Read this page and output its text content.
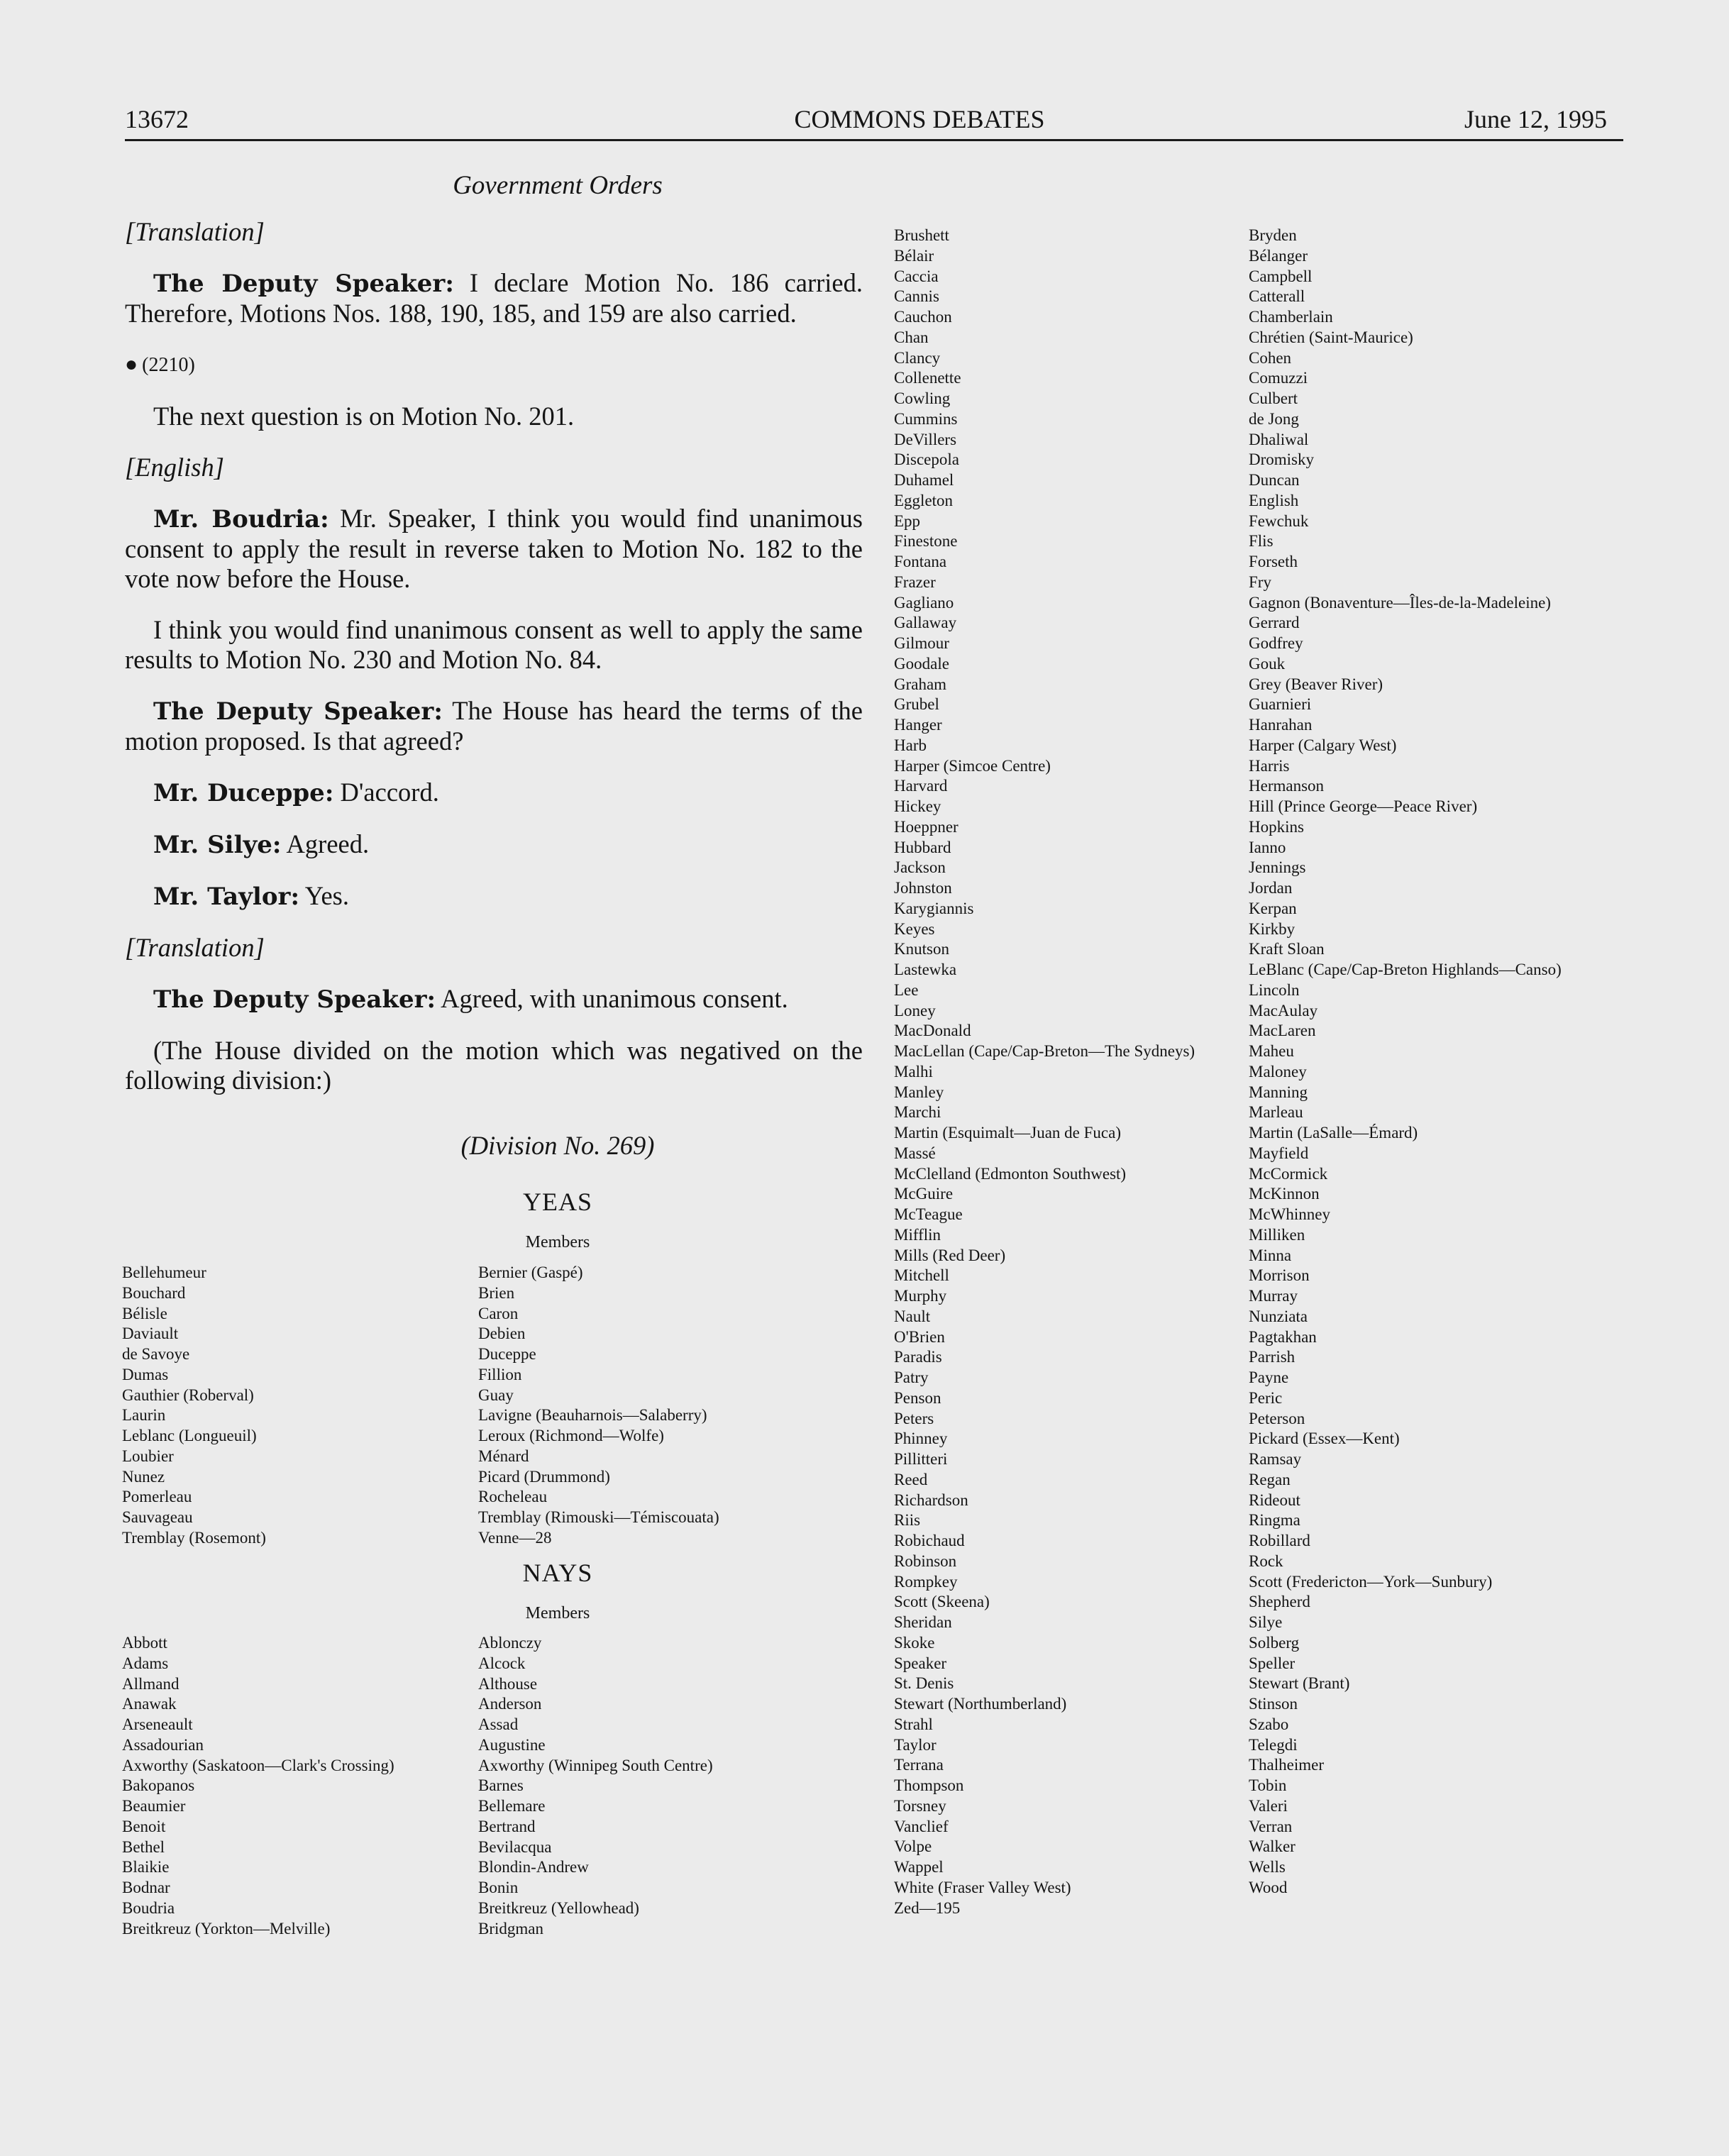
13672	COMMONS DEBATES	June 12, 1995
Government Orders

[Translation]

The Deputy Speaker: I declare Motion No. 186 carried. Therefore, Motions Nos. 188, 190, 185, and 159 are also carried.

● (2210)

The next question is on Motion No. 201.

[English]

Mr. Boudria: Mr. Speaker, I think you would find unanimous consent to apply the result in reverse taken to Motion No. 182 to the vote now before the House.

I think you would find unanimous consent as well to apply the same results to Motion No. 230 and Motion No. 84.

The Deputy Speaker: The House has heard the terms of the motion proposed. Is that agreed?

Mr. Duceppe: D'accord.

Mr. Silye: Agreed.

Mr. Taylor: Yes.

[Translation]

The Deputy Speaker: Agreed, with unanimous consent.

(The House divided on the motion which was negatived on the following division:)

(Division No. 269)
YEAS
Members
Bellehumeur
Bouchard
Bélisle
Daviault
de Savoye
Dumas
Gauthier (Roberval)
Laurin
Leblanc (Longueuil)
Loubier
Nunez
Pomerleau
Sauvageau
Tremblay (Rosemont)
Bernier (Gaspé)
Brien
Caron
Debien
Duceppe
Fillion
Guay
Lavigne (Beauharnois—Salaberry)
Leroux (Richmond—Wolfe)
Ménard
Picard (Drummond)
Rocheleau
Tremblay (Rimouski—Témiscouata)
Venne—28
NAYS
Members
Abbott
Adams
Allmand
Anawak
Arseneault
Assadourian
Axworthy (Saskatoon—Clark's Crossing)
Bakopanos
Beaumier
Benoit
Bethel
Blaikie
Bodnar
Boudria
Breitkreuz (Yorkton—Melville)
Ablonczy
Alcock
Althouse
Anderson
Assad
Augustine
Axworthy (Winnipeg South Centre)
Barnes
Bellemare
Bertrand
Bevilacqua
Blondin-Andrew
Bonin
Breitkreuz (Yellowhead)
Bridgman
Brushett
Bélair
Caccia
Cannis
Cauchon
Chan
Clancy
Collenette
Cowling
Cummins
DeVillers
Discepola
Duhamel
Eggleton
Epp
Finestone
Fontana
Frazer
Gagliano
Gallaway
Gilmour
Goodale
Graham
Grubel
Hanger
Harb
Harper (Simcoe Centre)
Harvard
Hickey
Hoeppner
Hubbard
Jackson
Johnston
Karygiannis
Keyes
Knutson
Lastewka
Lee
Loney
MacDonald
MacLellan (Cape/Cap-Breton—The Sydneys)
Malhi
Manley
Marchi
Martin (Esquimalt—Juan de Fuca)
Massé
McClelland (Edmonton Southwest)
McGuire
McTeague
Mifflin
Mills (Red Deer)
Mitchell
Murphy
Nault
O'Brien
Paradis
Patry
Penson
Peters
Phinney
Pillitteri
Reed
Richardson
Riis
Robichaud
Robinson
Rompkey
Scott (Skeena)
Sheridan
Skoke
Speaker
St. Denis
Stewart (Northumberland)
Strahl
Taylor
Terrana
Thompson
Torsney
Vanclief
Volpe
Wappel
White (Fraser Valley West)
Zed—195
Bryden
Bélanger
Campbell
Catterall
Chamberlain
Chrétien (Saint-Maurice)
Cohen
Comuzzi
Culbert
de Jong
Dhaliwal
Dromisky
Duncan
English
Fewchuk
Flis
Forseth
Fry
Gagnon (Bonaventure—Îles-de-la-Madeleine)
Gerrard
Godfrey
Gouk
Grey (Beaver River)
Guarnieri
Hanrahan
Harper (Calgary West)
Harris
Hermanson
Hill (Prince George—Peace River)
Hopkins
Ianno
Jennings
Jordan
Kerpan
Kirkby
Kraft Sloan
LeBlanc (Cape/Cap-Breton Highlands—Canso)
Lincoln
MacAulay
MacLaren
Maheu
Maloney
Manning
Marleau
Martin (LaSalle—Émard)
Mayfield
McCormick
McKinnon
McWhinney
Milliken
Minna
Morrison
Murray
Nunziata
Pagtakhan
Parrish
Payne
Peric
Peterson
Pickard (Essex—Kent)
Ramsay
Regan
Rideout
Ringma
Robillard
Rock
Scott (Fredericton—York—Sunbury)
Shepherd
Silye
Solberg
Speller
Stewart (Brant)
Stinson
Szabo
Telegdi
Thalheimer
Tobin
Valeri
Verran
Walker
Wells
Wood
